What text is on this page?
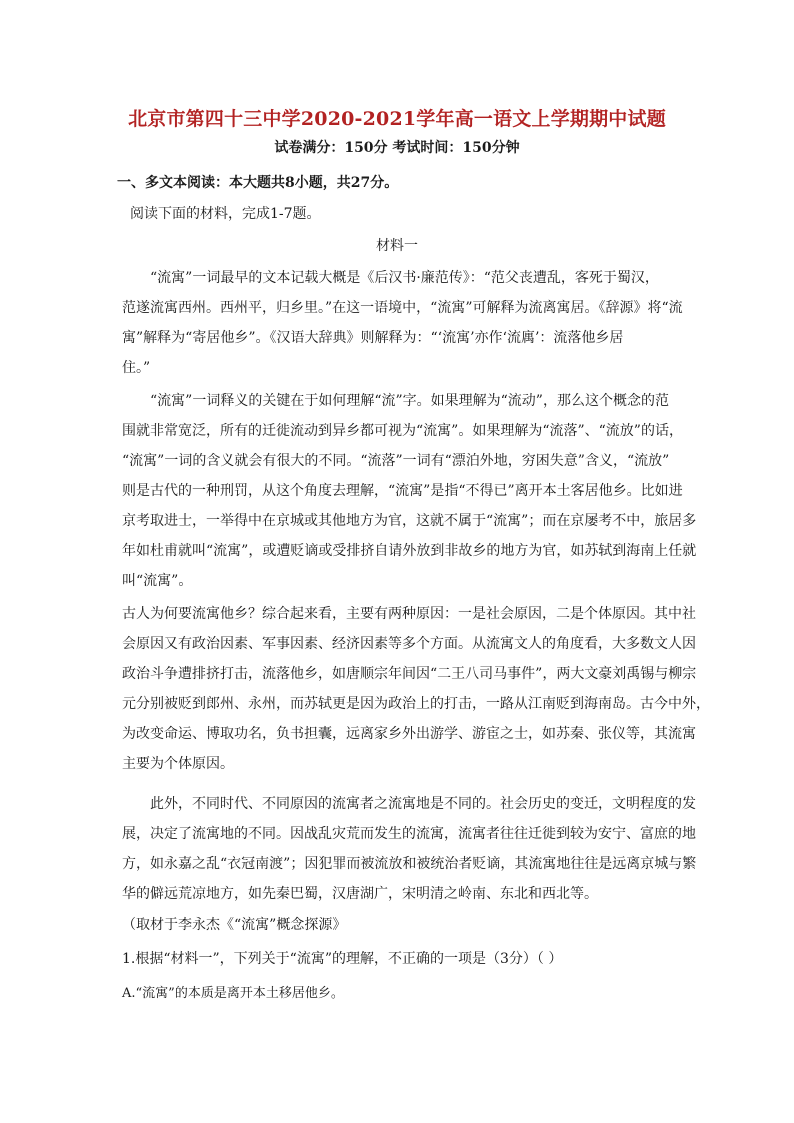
北京市第四十三中学2020-2021学年高一语文上学期期中试题
试卷满分：150分 考试时间：150分钟
一、多文本阅读：本大题共8小题，共27分。
阅读下面的材料，完成1-7题。
材料一
“流寓”一词最早的文本记载大概是《后汉书·廉范传》：“范父丧遭乱，客死于蜀汉，
范遂流寓西州。西州平，归乡里。”在这一语境中，“流寓”可解释为流离寓居。《辞源》将“流
寓”解释为“寄居他乡”。《汉语大辞典》则解释为：“‘流寓’亦作‘流庽’：流落他乡居
住。”
“流寓”一词释义的关键在于如何理解“流”字。如果理解为“流动”，那么这个概念的范
围就非常宽泛，所有的迁徙流动到异乡都可视为“流寓”。如果理解为“流落”、“流放”的话，
“流寓”一词的含义就会有很大的不同。“流落”一词有“漂泊外地，穷困失意”含义，“流放”
则是古代的一种刑罚，从这个角度去理解，“流寓”是指“不得已”离开本土客居他乡。比如进
京考取进士，一举得中在京城或其他地方为官，这就不属于“流寓”；而在京屡考不中，旅居多
年如杜甫就叫“流寓”，或遭贬谪或受排挤自请外放到非故乡的地方为官，如苏轼到海南上任就
叫“流寓”。
古人为何要流寓他乡？综合起来看，主要有两种原因：一是社会原因，二是个体原因。其中社
会原因又有政治因素、军事因素、经济因素等多个方面。从流寓文人的角度看，大多数文人因
政治斗争遭排挤打击，流落他乡，如唐顺宗年间因“二王八司马事件”，两大文豪刘禹锡与柳宗
元分别被贬到郎州、永州，而苏轼更是因为政治上的打击，一路从江南贬到海南岛。古今中外，
为改变命运、博取功名，负书担囊，远离家乡外出游学、游宦之士，如苏秦、张仪等，其流寓
主要为个体原因。
此外，不同时代、不同原因的流寓者之流寓地是不同的。社会历史的变迁，文明程度的发
展，决定了流寓地的不同。因战乱灾荒而发生的流寓，流寓者往往迁徙到较为安宁、富庶的地
方，如永嘉之乱“衣冠南渡”；因犯罪而被流放和被统治者贬谪，其流寓地往往是远离京城与繁
华的僻远荒凉地方，如先秦巴蜀，汉唐湖广，宋明清之岭南、东北和西北等。
（取材于李永杰《“流寓”概念探源》
1.根据“材料一”，下列关于“流寓”的理解，不正确的一项是（3分）（ ）
A.“流寓”的本质是离开本土移居他乡。
